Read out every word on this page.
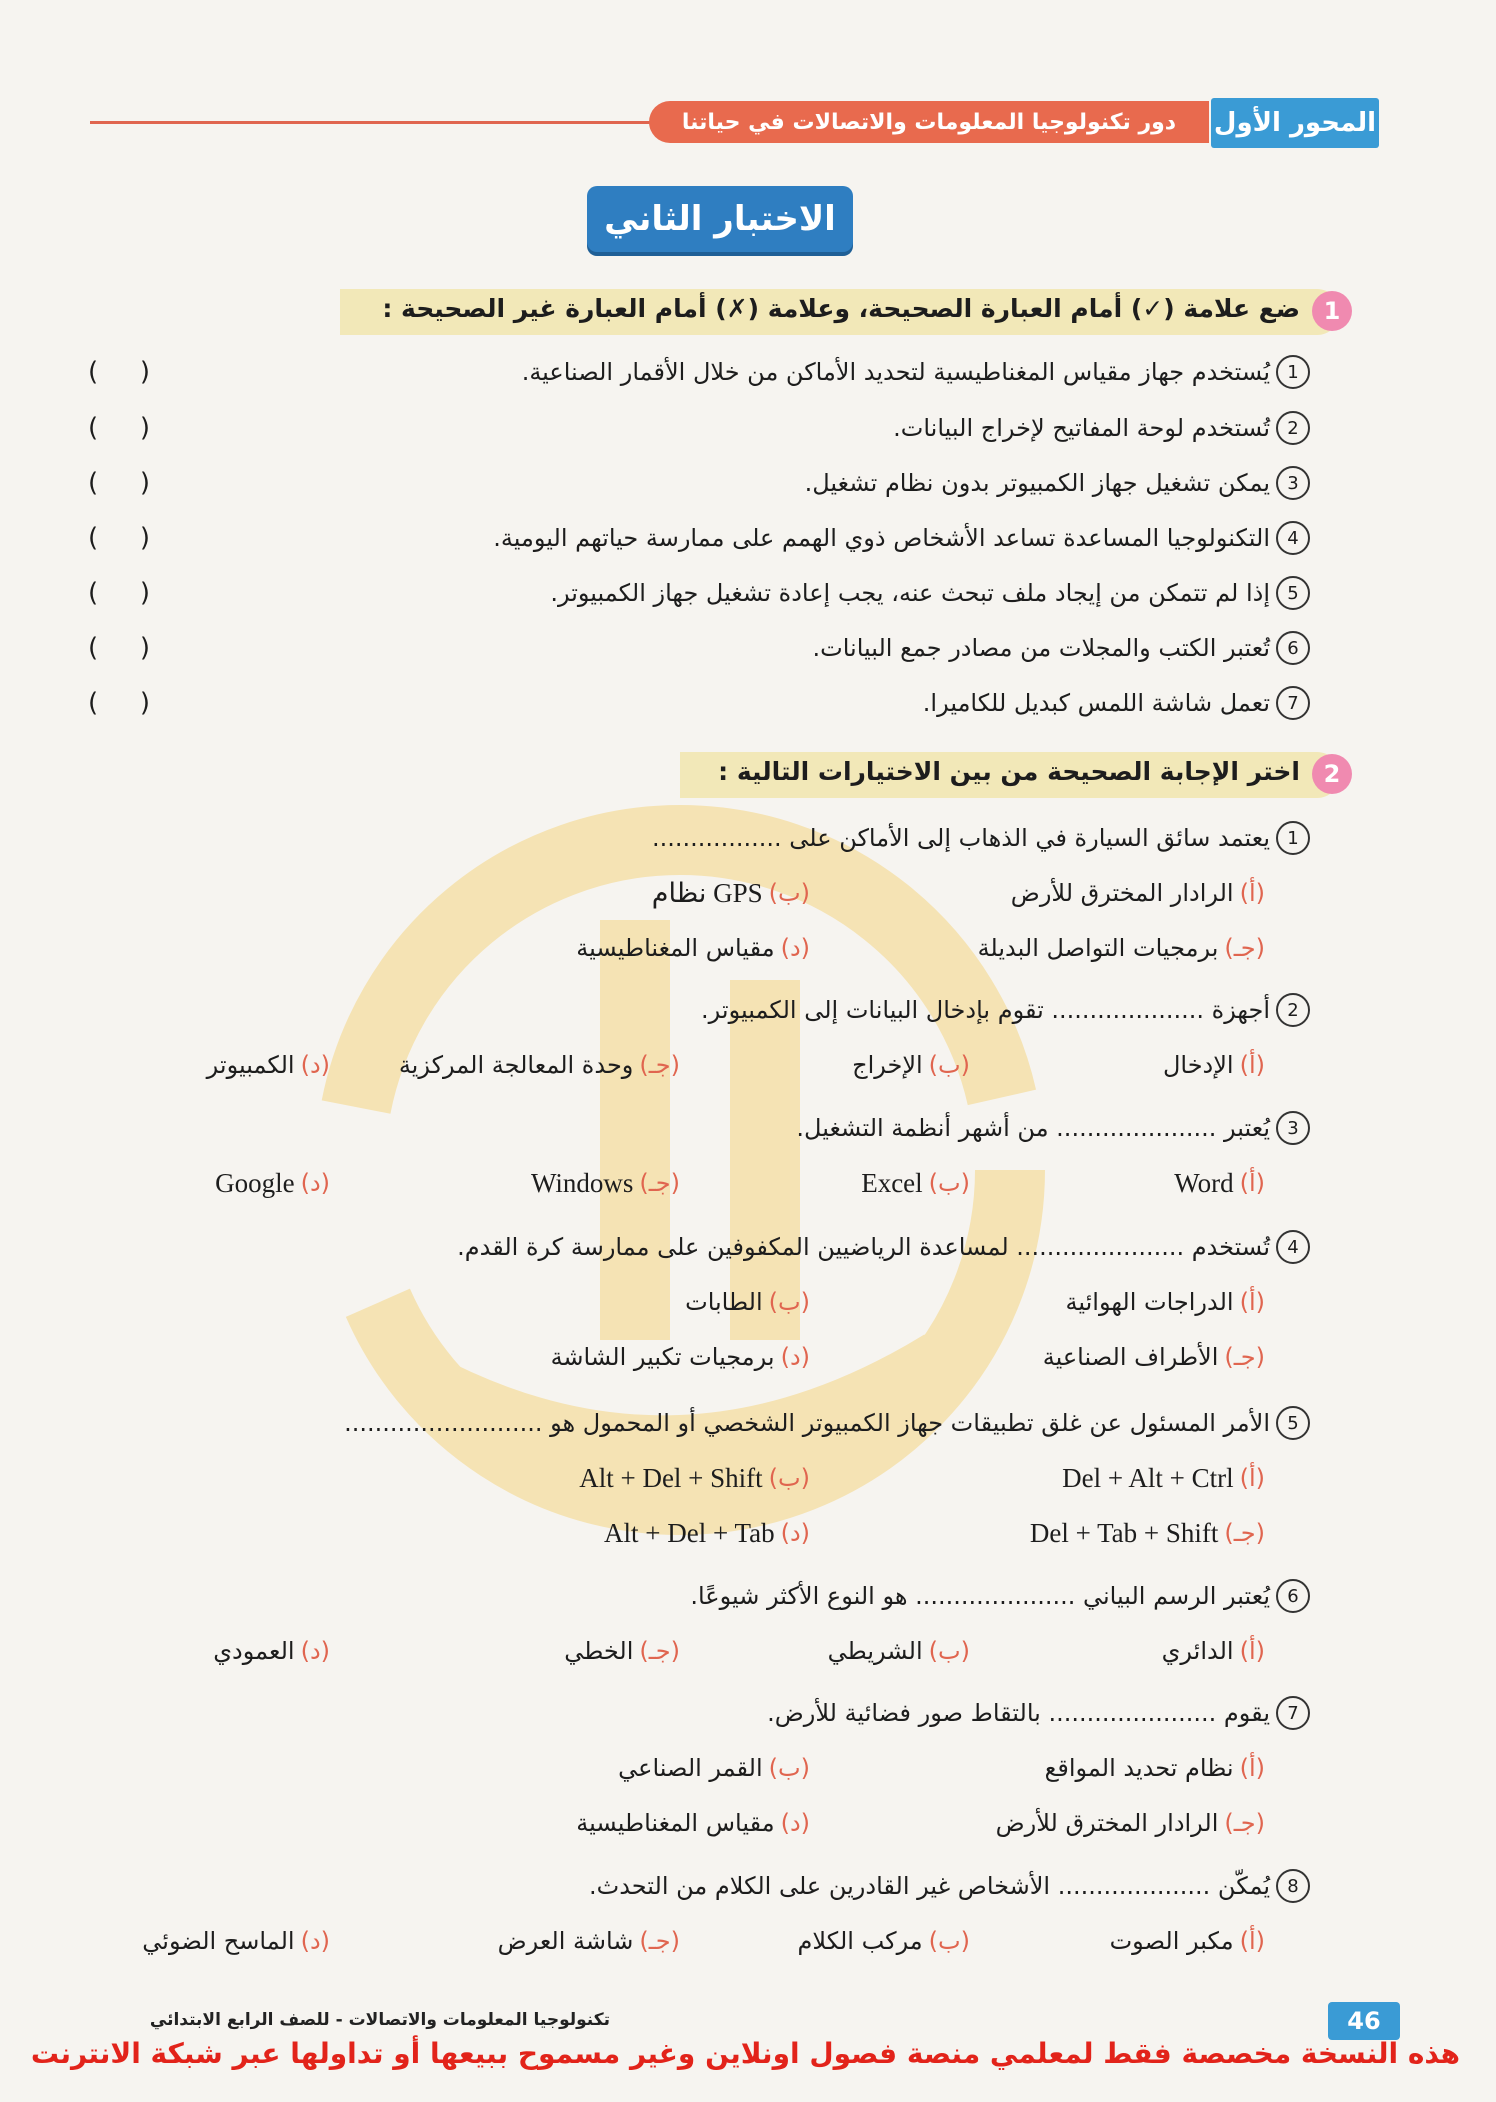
دور تكنولوجيا المعلومات والاتصالات في حياتنا	المحور الأول
الاختبار الثاني
1
ضع علامة (✓) أمام العبارة الصحيحة، وعلامة (✗) أمام العبارة غير الصحيحة :
1
يُستخدم جهاز مقياس المغناطيسية لتحديد الأماكن من خلال الأقمار الصناعية.
( )
2
تُستخدم لوحة المفاتيح لإخراج البيانات.
( )
3
يمكن تشغيل جهاز الكمبيوتر بدون نظام تشغيل.
( )
4
التكنولوجيا المساعدة تساعد الأشخاص ذوي الهمم على ممارسة حياتهم اليومية.
( )
5
إذا لم تتمكن من إيجاد ملف تبحث عنه، يجب إعادة تشغيل جهاز الكمبيوتر.
( )
6
تُعتبر الكتب والمجلات من مصادر جمع البيانات.
( )
7
تعمل شاشة اللمس كبديل للكاميرا.
( )
2
اختر الإجابة الصحيحة من بين الاختيارات التالية :
1
يعتمد سائق السيارة في الذهاب إلى الأماكن على .................
(أ)
الرادار المخترق للأرض
(ب)
نظام GPS
(جـ)
برمجيات التواصل البديلة
(د)
مقياس المغناطيسية
2
أجهزة .................... تقوم بإدخال البيانات إلى الكمبيوتر.
(أ)
الإدخال
(ب)
الإخراج
(جـ)
وحدة المعالجة المركزية
(د)
الكمبيوتر
3
يُعتبر ..................... من أشهر أنظمة التشغيل.
(أ)
Word
(ب)
Excel
(جـ)
Windows
(د)
Google
4
تُستخدم ...................... لمساعدة الرياضيين المكفوفين على ممارسة كرة القدم.
(أ)
الدراجات الهوائية
(ب)
الطابات
(جـ)
الأطراف الصناعية
(د)
برمجيات تكبير الشاشة
5
الأمر المسئول عن غلق تطبيقات جهاز الكمبيوتر الشخصي أو المحمول هو ..........................
(أ)
Del + Alt + Ctrl
(ب)
Alt + Del + Shift
(جـ)
Del + Tab + Shift
(د)
Alt + Del + Tab
6
يُعتبر الرسم البياني ..................... هو النوع الأكثر شيوعًا.
(أ)
الدائري
(ب)
الشريطي
(جـ)
الخطي
(د)
العمودي
7
يقوم ...................... بالتقاط صور فضائية للأرض.
(أ)
نظام تحديد المواقع
(ب)
القمر الصناعي
(جـ)
الرادار المخترق للأرض
(د)
مقياس المغناطيسية
8
يُمكّن .................... الأشخاص غير القادرين على الكلام من التحدث.
(أ)
مكبر الصوت
(ب)
مركب الكلام
(جـ)
شاشة العرض
(د)
الماسح الضوئي
46
تكنولوجيا المعلومات والاتصالات - للصف الرابع الابتدائي
هذه النسخة مخصصة فقط لمعلمي منصة فصول اونلاين وغير مسموح ببيعها أو تداولها عبر شبكة الانترنت
